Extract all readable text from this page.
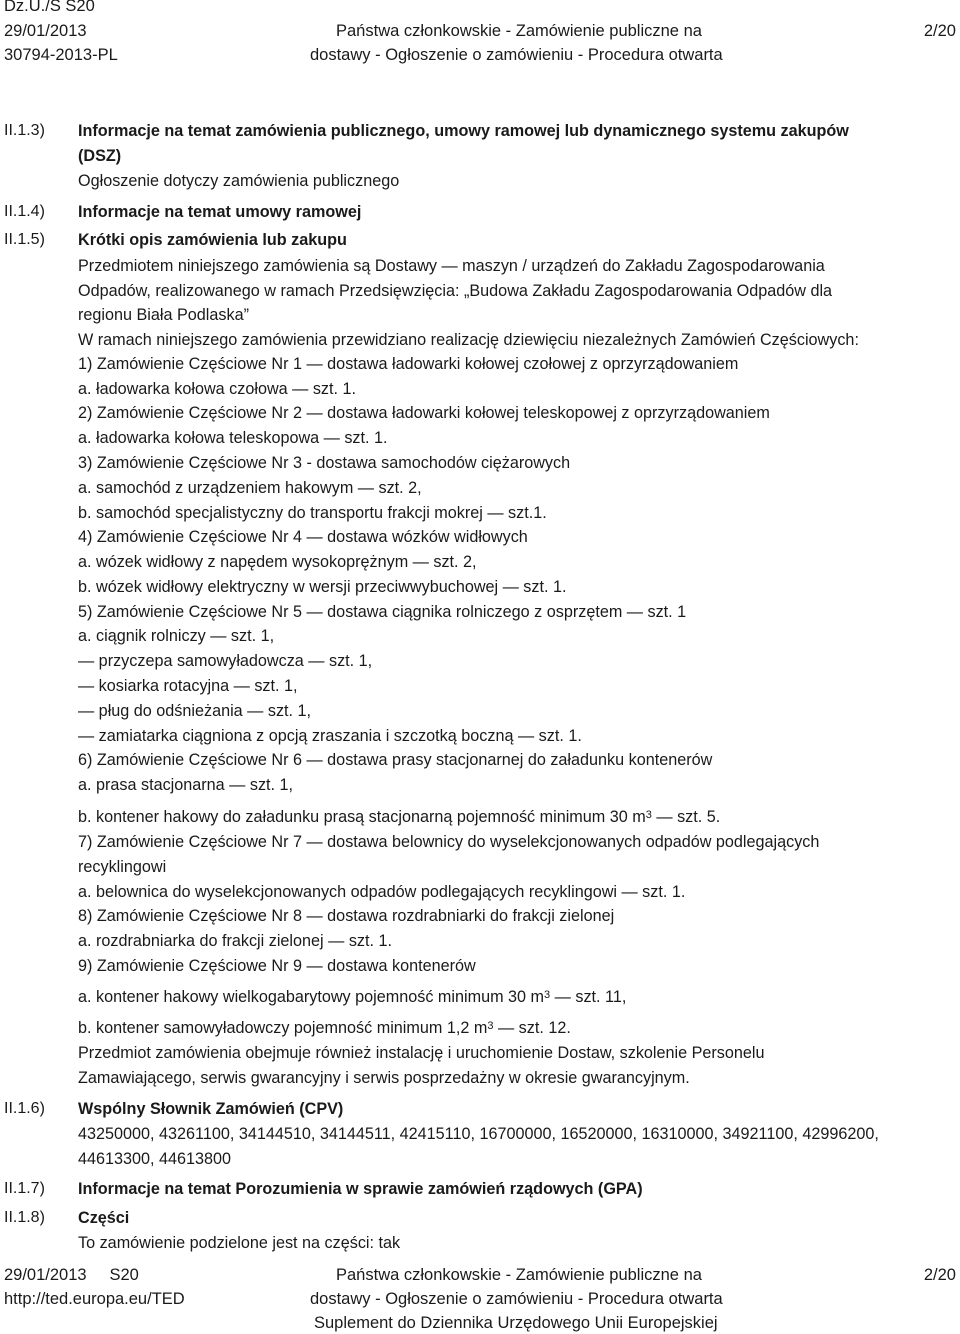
Dz.U./S S20
29/01/2013
30794-2013-PL
Państwa członkowskie - Zamówienie publiczne na
dostawy - Ogłoszenie o zamówieniu - Procedura otwarta
2/20
II.1.3)
II.1.4)
II.1.5)
II.1.6)
II.1.7)
II.1.8)
Informacje na temat zamówienia publicznego, umowy ramowej lub dynamicznego systemu zakupów
(DSZ)
Ogłoszenie dotyczy zamówienia publicznego
Informacje na temat umowy ramowej
Krótki opis zamówienia lub zakupu
Przedmiotem niniejszego zamówienia są Dostawy — maszyn / urządzeń do Zakładu Zagospodarowania
Odpadów, realizowanego w ramach Przedsięwzięcia: „Budowa Zakładu Zagospodarowania Odpadów dla
regionu Biała Podlaska”
W ramach niniejszego zamówienia przewidziano realizację dziewięciu niezależnych Zamówień Częściowych:
1) Zamówienie Częściowe Nr 1 — dostawa ładowarki kołowej czołowej z oprzyrządowaniem
a. ładowarka kołowa czołowa — szt. 1.
2) Zamówienie Częściowe Nr 2 — dostawa ładowarki kołowej teleskopowej z oprzyrządowaniem
a. ładowarka kołowa teleskopowa — szt. 1.
3) Zamówienie Częściowe Nr 3 - dostawa samochodów ciężarowych
a. samochód z urządzeniem hakowym — szt. 2,
b. samochód specjalistyczny do transportu frakcji mokrej — szt.1.
4) Zamówienie Częściowe Nr 4 — dostawa wózków widłowych
a. wózek widłowy z napędem wysokoprężnym — szt. 2,
b. wózek widłowy elektryczny w wersji przeciwwybuchowej — szt. 1.
5) Zamówienie Częściowe Nr 5 — dostawa ciągnika rolniczego z osprzętem — szt. 1
a. ciągnik rolniczy — szt. 1,
— przyczepa samowyładowcza — szt. 1,
— kosiarka rotacyjna — szt. 1,
— pług do odśnieżania — szt. 1,
— zamiatarka ciągniona z opcją zraszania i szczotką boczną — szt. 1.
6) Zamówienie Częściowe Nr 6 — dostawa prasy stacjonarnej do załadunku kontenerów
a. prasa stacjonarna — szt. 1,
b. kontener hakowy do załadunku prasą stacjonarną pojemność minimum 30 $m^3$ — szt. 5.
7) Zamówienie Częściowe Nr 7 — dostawa belownicy do wyselekcjonowanych odpadów podlegających
recyklingowi
a. belownica do wyselekcjonowanych odpadów podlegających recyklingowi — szt. 1.
8) Zamówienie Częściowe Nr 8 — dostawa rozdrabniarki do frakcji zielonej
a. rozdrabniarka do frakcji zielonej — szt. 1.
9) Zamówienie Częściowe Nr 9 — dostawa kontenerów
a. kontener hakowy wielkogabarytowy pojemność minimum 30 $m^3$ — szt. 11,
b. kontener samowyładowczy pojemność minimum 1,2 $m^3$ — szt. 12.
Przedmiot zamówienia obejmuje również instalację i uruchomienie Dostaw, szkolenie Personelu
Zamawiającego, serwis gwarancyjny i serwis posprzedażny w okresie gwarancyjnym.
Wspólny Słownik Zamówień (CPV)
43250000, 43261100, 34144510, 34144511, 42415110, 16700000, 16520000, 16310000, 34921100, 42996200, 44613300, 44613800
Informacje na temat Porozumienia w sprawie zamówień rządowych (GPA)
Części
To zamówienie podzielone jest na części: tak
29/01/2013     S20
http://ted.europa.eu/TED
Państwa członkowskie - Zamówienie publiczne na
dostawy - Ogłoszenie o zamówieniu - Procedura otwarta
Suplement do Dziennika Urzędowego Unii Europejskiej
2/20
